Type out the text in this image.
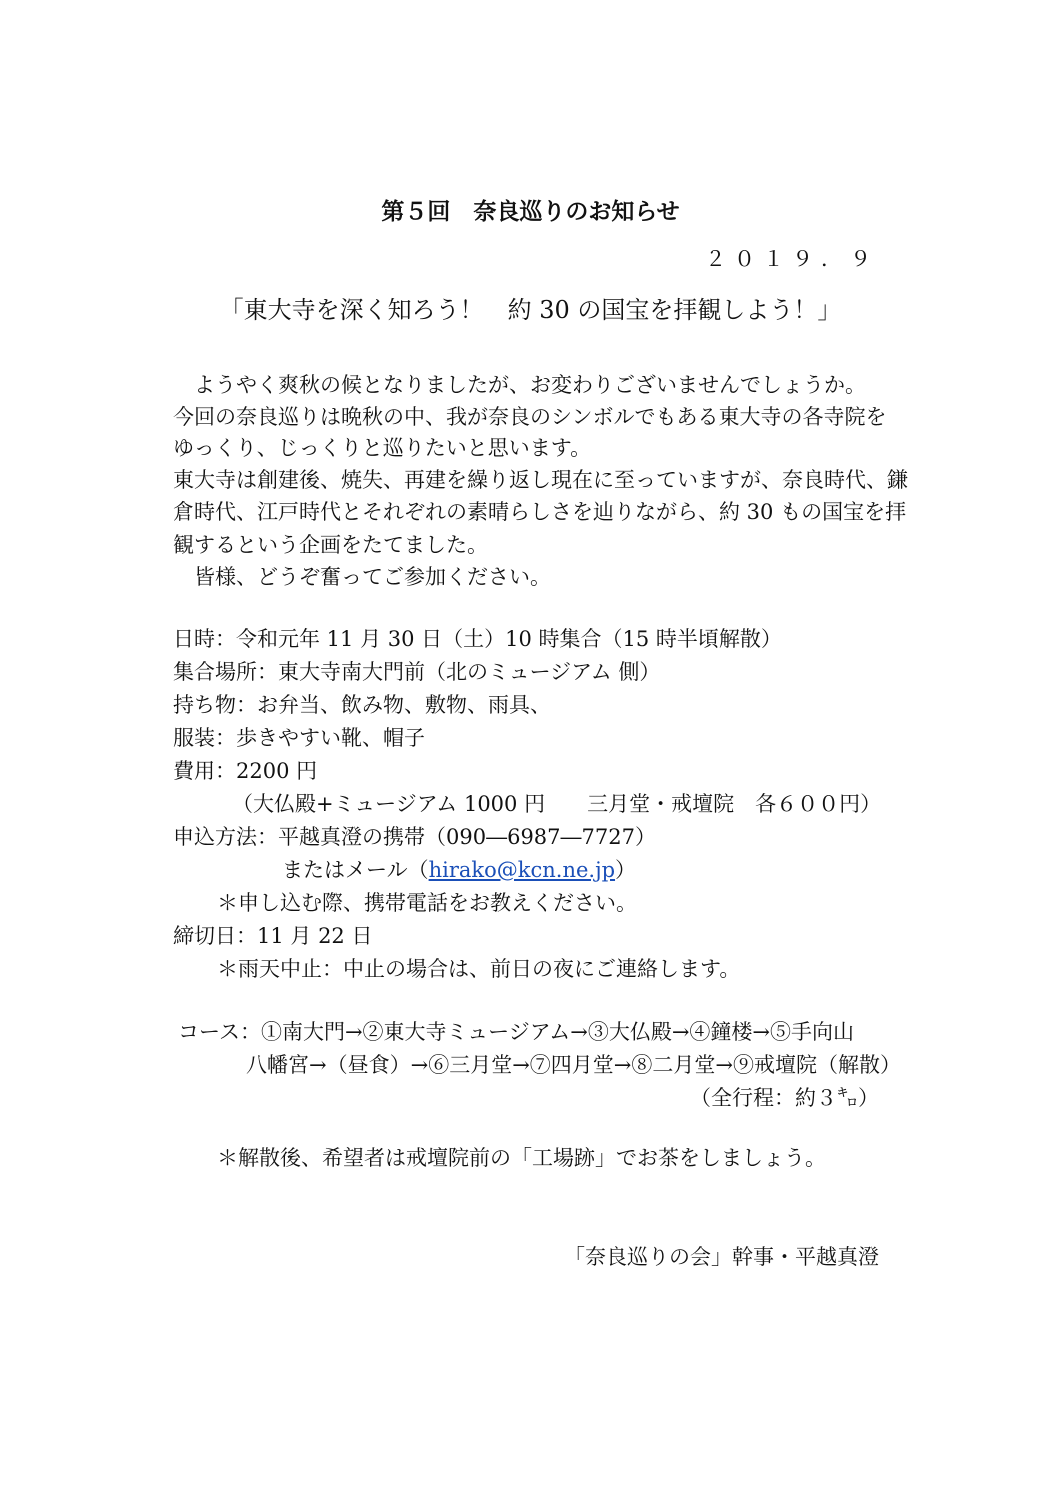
第５回　奈良巡りのお知らせ
２０１９．９
「東大寺を深く知ろう！　約 30 の国宝を拝観しよう！」
　ようやく爽秋の候となりましたが、お変わりございませんでしょうか。
今回の奈良巡りは晩秋の中、我が奈良のシンボルでもある東大寺の各寺院を
ゆっくり、じっくりと巡りたいと思います。
東大寺は創建後、焼失、再建を繰り返し現在に至っていますが、奈良時代、鎌
倉時代、江戸時代とそれぞれの素晴らしさを辿りながら、約 30 もの国宝を拝
観するという企画をたてました。
　皆様、どうぞ奮ってご参加ください。
日時：令和元年 11 月 30 日（土）10 時集合（15 時半頃解散）
集合場所：東大寺南大門前（北のミュージアム 側）
持ち物：お弁当、飲み物、敷物、雨具、
服装：歩きやすい靴、帽子
費用：2200 円
（大仏殿+ミュージアム 1000 円　　三月堂・戒壇院　各６００円）
申込方法：平越真澄の携帯（090―6987―7727）
またはメール（hirako@kcn.ne.jp）
＊申し込む際、携帯電話をお教えください。
締切日：11 月 22 日
＊雨天中止：中止の場合は、前日の夜にご連絡します。
コース：①南大門→②東大寺ミュージアム→③大仏殿→④鐘楼→⑤手向山
八幡宮→（昼食）→⑥三月堂→⑦四月堂→⑧二月堂→⑨戒壇院（解散）
（全行程：約３㌔）
＊解散後、希望者は戒壇院前の「工場跡」でお茶をしましょう。
「奈良巡りの会」幹事・平越真澄
